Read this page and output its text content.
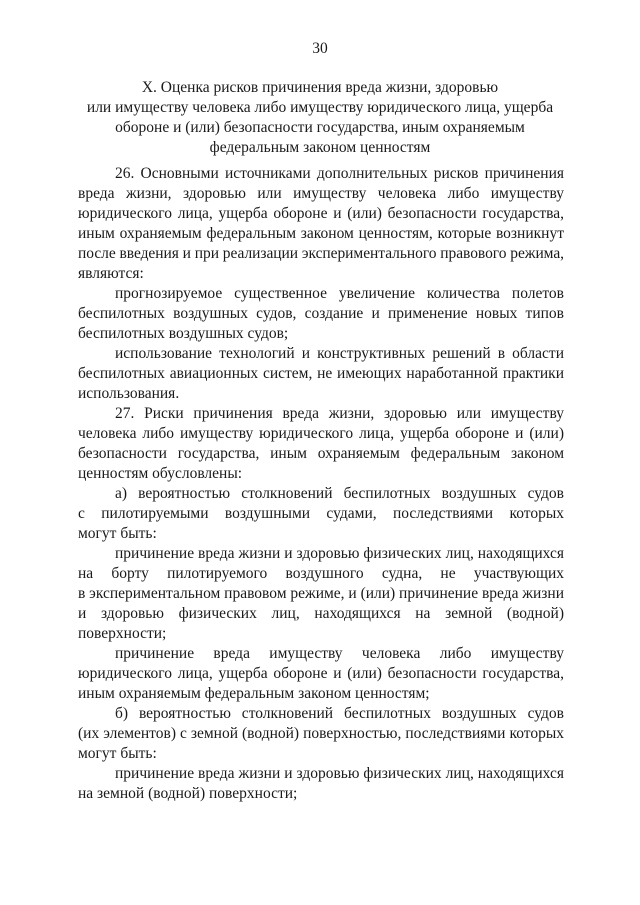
30
X. Оценка рисков причинения вреда жизни, здоровью
или имуществу человека либо имуществу юридического лица, ущерба
обороне и (или) безопасности государства, иным охраняемым
федеральным законом ценностям
26. Основными источниками дополнительных рисков причинения
вреда жизни, здоровью или имуществу человека либо имуществу
юридического лица, ущерба обороне и (или) безопасности государства,
иным охраняемым федеральным законом ценностям, которые возникнут
после введения и при реализации экспериментального правового режима,
являются:
прогнозируемое существенное увеличение количества полетов
беспилотных воздушных судов, создание и применение новых типов
беспилотных воздушных судов;
использование технологий и конструктивных решений в области
беспилотных авиационных систем, не имеющих наработанной практики
использования.
27. Риски причинения вреда жизни, здоровью или имуществу
человека либо имуществу юридического лица, ущерба обороне и (или)
безопасности государства, иным охраняемым федеральным законом
ценностям обусловлены:
а) вероятностью столкновений беспилотных воздушных судов
с пилотируемыми воздушными судами, последствиями которых
могут быть:
причинение вреда жизни и здоровью физических лиц, находящихся
на борту пилотируемого воздушного судна, не участвующих
в экспериментальном правовом режиме, и (или) причинение вреда жизни
и здоровью физических лиц, находящихся на земной (водной)
поверхности;
причинение вреда имуществу человека либо имуществу
юридического лица, ущерба обороне и (или) безопасности государства,
иным охраняемым федеральным законом ценностям;
б) вероятностью столкновений беспилотных воздушных судов
(их элементов) с земной (водной) поверхностью, последствиями которых
могут быть:
причинение вреда жизни и здоровью физических лиц, находящихся
на земной (водной) поверхности;
